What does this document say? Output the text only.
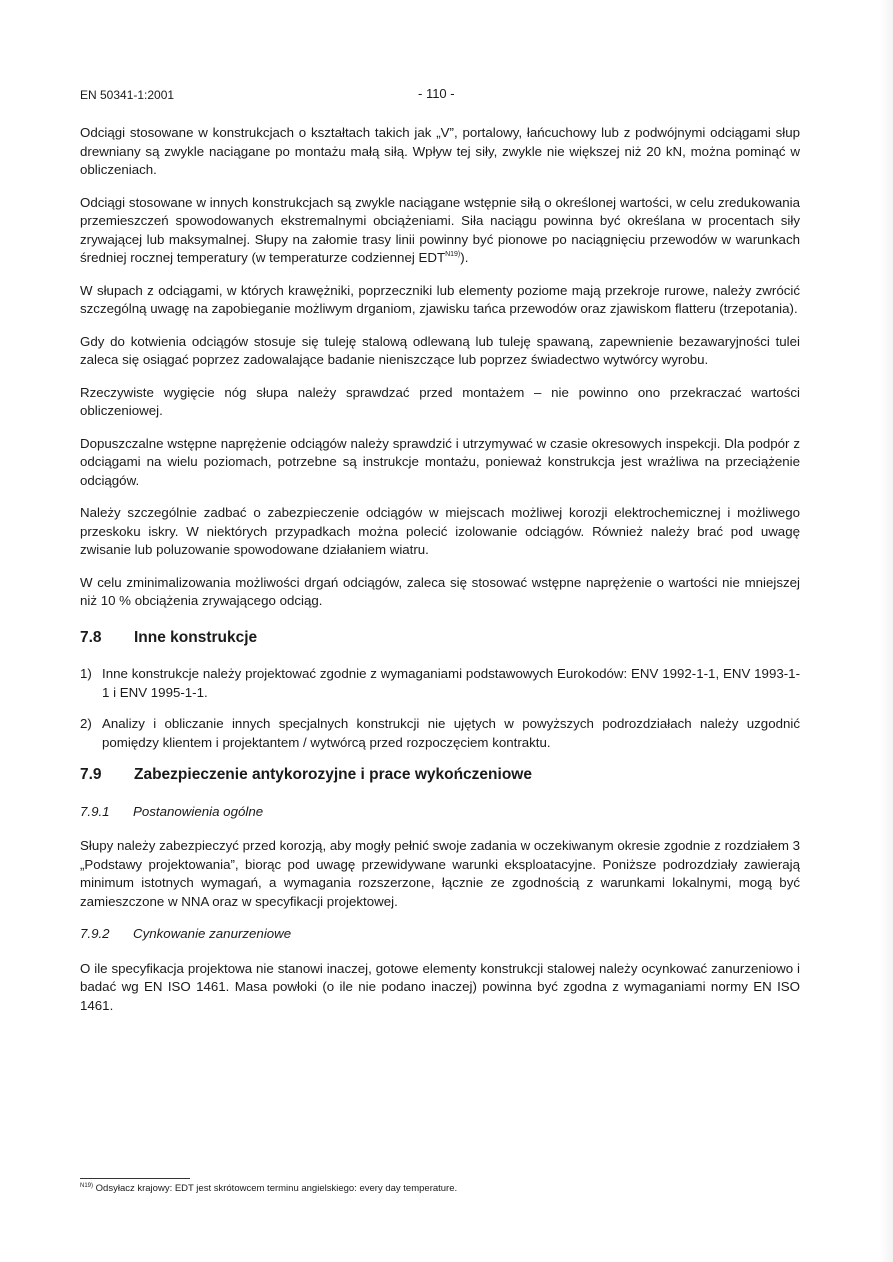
EN 50341-1:2001	- 110 -

Odciągi stosowane w konstrukcjach o kształtach takich jak „V”, portalowy, łańcuchowy lub z podwójnymi odciągami słup drewniany są zwykle naciągane po montażu małą siłą. Wpływ tej siły, zwykle nie większej niż 20 kN, można pominąć w obliczeniach.

Odciągi stosowane w innych konstrukcjach są zwykle naciągane wstępnie siłą o określonej wartości, w celu zredukowania przemieszczeń spowodowanych ekstremalnymi obciążeniami. Siła naciągu powinna być określana w procentach siły zrywającej lub maksymalnej. Słupy na załomie trasy linii powinny być pionowe po naciągnięciu przewodów w warunkach średniej rocznej temperatury (w temperaturze codziennej $EDT^{N19)}$).

W słupach z odciągami, w których krawężniki, poprzeczniki lub elementy poziome mają przekroje rurowe, należy zwrócić szczególną uwagę na zapobieganie możliwym drganiom, zjawisku tańca przewodów oraz zjawiskom flatteru (trzepotania).

Gdy do kotwienia odciągów stosuje się tuleję stalową odlewaną lub tuleję spawaną, zapewnienie bezawaryjności tulei zaleca się osiągać poprzez zadowalające badanie nieniszczące lub poprzez świadectwo wytwórcy wyrobu.

Rzeczywiste wygięcie nóg słupa należy sprawdzać przed montażem – nie powinno ono przekraczać wartości obliczeniowej.

Dopuszczalne wstępne naprężenie odciągów należy sprawdzić i utrzymywać w czasie okresowych inspekcji. Dla podpór z odciągami na wielu poziomach, potrzebne są instrukcje montażu, ponieważ konstrukcja jest wrażliwa na przeciążenie odciągów.

Należy szczególnie zadbać o zabezpieczenie odciągów w miejscach możliwej korozji elektrochemicznej i możliwego przeskoku iskry. W niektórych przypadkach można polecić izolowanie odciągów. Również należy brać pod uwagę zwisanie lub poluzowanie spowodowane działaniem wiatru.

W celu zminimalizowania możliwości drgań odciągów, zaleca się stosować wstępne naprężenie o wartości nie mniejszej niż 10 % obciążenia zrywającego odciąg.

7.8	Inne konstrukcje
1) Inne konstrukcje należy projektować zgodnie z wymaganiami podstawowych Eurokodów: ENV 1992-1-1, ENV 1993-1-1 i ENV 1995-1-1.
2) Analizy i obliczanie innych specjalnych konstrukcji nie ujętych w powyższych podrozdziałach należy uzgodnić pomiędzy klientem i projektantem / wytwórcą przed rozpoczęciem kontraktu.
7.9	Zabezpieczenie antykorozyjne i prace wykończeniowe
7.9.1	Postanowienia ogólne

Słupy należy zabezpieczyć przed korozją, aby mogły pełnić swoje zadania w oczekiwanym okresie zgodnie z rozdziałem 3 „Podstawy projektowania”, biorąc pod uwagę przewidywane warunki eksploatacyjne. Poniższe podrozdziały zawierają minimum istotnych wymagań, a wymagania rozszerzone, łącznie ze zgodnością z warunkami lokalnymi, mogą być zamieszczone w NNA oraz w specyfikacji projektowej.

7.9.2	Cynkowanie zanurzeniowe

O ile specyfikacja projektowa nie stanowi inaczej, gotowe elementy konstrukcji stalowej należy ocynkować zanurzeniowo i badać wg EN ISO 1461. Masa powłoki (o ile nie podano inaczej) powinna być zgodna z wymaganiami normy EN ISO 1461.

$^{N19)}$ Odsyłacz krajowy: EDT jest skrótowcem terminu angielskiego: every day temperature.
